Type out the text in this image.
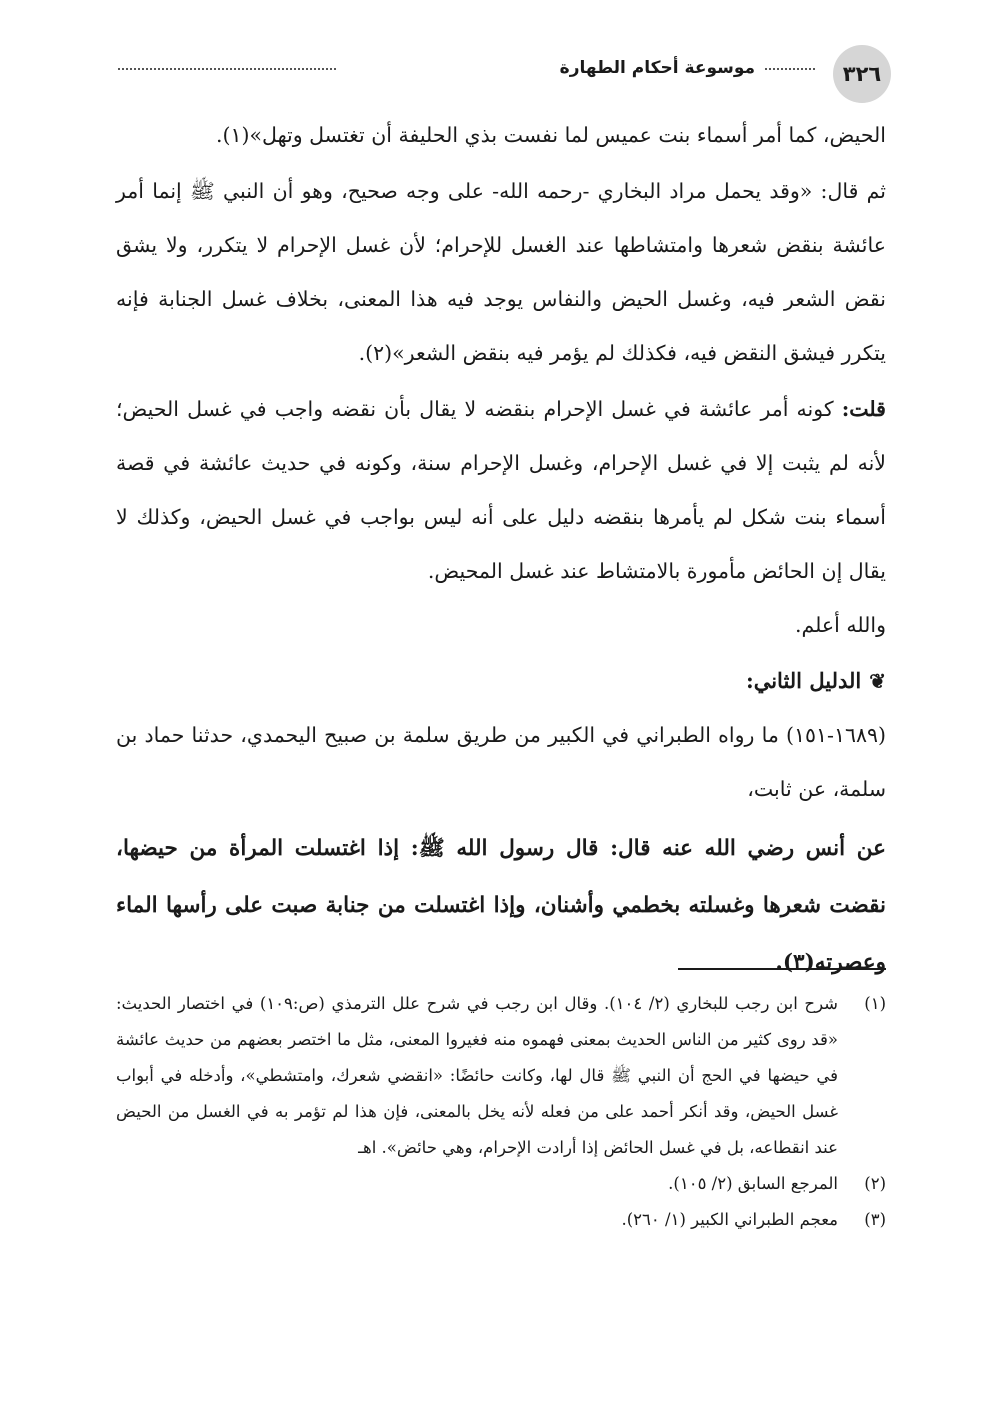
٣٢٦
موسوعة أحكام الطهارة

الحيض، كما أمر أسماء بنت عميس لما نفست بذي الحليفة أن تغتسل وتهل»(١).

ثم قال: «وقد يحمل مراد البخاري -رحمه الله- على وجه صحيح، وهو أن النبي ﷺ إنما أمر عائشة بنقض شعرها وامتشاطها عند الغسل للإحرام؛ لأن غسل الإحرام لا يتكرر، ولا يشق نقض الشعر فيه، وغسل الحيض والنفاس يوجد فيه هذا المعنى، بخلاف غسل الجنابة فإنه يتكرر فيشق النقض فيه، فكذلك لم يؤمر فيه بنقض الشعر»(٢).

قلت: كونه أمر عائشة في غسل الإحرام بنقضه لا يقال بأن نقضه واجب في غسل الحيض؛ لأنه لم يثبت إلا في غسل الإحرام، وغسل الإحرام سنة، وكونه في حديث عائشة في قصة أسماء بنت شكل لم يأمرها بنقضه دليل على أنه ليس بواجب في غسل الحيض، وكذلك لا يقال إن الحائض مأمورة بالامتشاط عند غسل المحيض.

والله أعلم.

❦الدليل الثاني:

(١٦٨٩-١٥١) ما رواه الطبراني في الكبير من طريق سلمة بن صبيح اليحمدي، حدثنا حماد بن سلمة، عن ثابت،

عن أنس رضي الله عنه قال: قال رسول الله ﷺ: إذا اغتسلت المرأة من حيضها، نقضت شعرها وغسلته بخطمي وأشنان، وإذا اغتسلت من جنابة صبت على رأسها الماء وعصرته(٣).

(١)
شرح ابن رجب للبخاري (٢/ ١٠٤). وقال ابن رجب في شرح علل الترمذي (ص:١٠٩) في اختصار الحديث: «قد روى كثير من الناس الحديث بمعنى فهموه منه فغيروا المعنى، مثل ما اختصر بعضهم من حديث عائشة في حيضها في الحج أن النبي ﷺ قال لها، وكانت حائضًا: «انقضي شعرك، وامتشطي»، وأدخله في أبواب غسل الحيض، وقد أنكر أحمد على من فعله لأنه يخل بالمعنى، فإن هذا لم تؤمر به في الغسل من الحيض عند انقطاعه، بل في غسل الحائض إذا أرادت الإحرام، وهي حائض». اهـ

(٢)
المرجع السابق (٢/ ١٠٥).

(٣)
معجم الطبراني الكبير (١/ ٢٦٠).
